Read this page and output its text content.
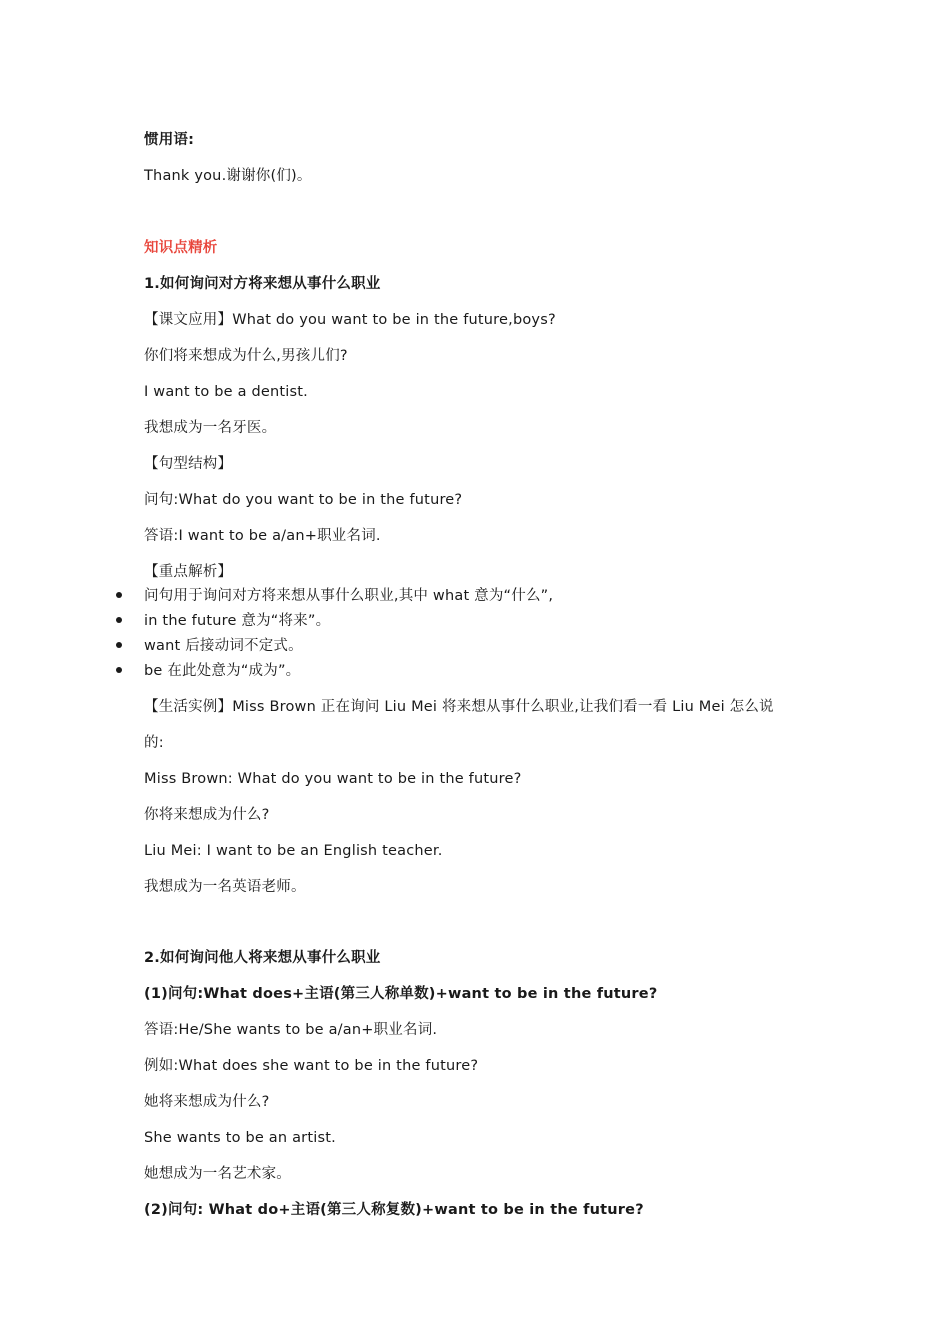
惯用语:
Thank you.谢谢你(们)。
知识点精析
1.如何询问对方将来想从事什么职业
【课文应用】What do you want to be in the future,boys?
你们将来想成为什么,男孩儿们?
I want to be a dentist.
我想成为一名牙医。
【句型结构】
问句:What do you want to be in the future?
答语:I want to be a/an+职业名词.
【重点解析】
问句用于询问对方将来想从事什么职业,其中 what 意为“什么”,
in the future 意为“将来”。
want 后接动词不定式。
be 在此处意为“成为”。
【生活实例】Miss Brown 正在询问 Liu Mei 将来想从事什么职业,让我们看一看 Liu Mei 怎么说
的:
Miss Brown: What do you want to be in the future?
你将来想成为什么?
Liu Mei: I want to be an English teacher.
我想成为一名英语老师。
2.如何询问他人将来想从事什么职业
(1)问句:What does+主语(第三人称单数)+want to be in the future?
答语:He/She wants to be a/an+职业名词.
例如:What does she want to be in the future?
她将来想成为什么?
She wants to be an artist.
她想成为一名艺术家。
(2)问句: What do+主语(第三人称复数)+want to be in the future?
